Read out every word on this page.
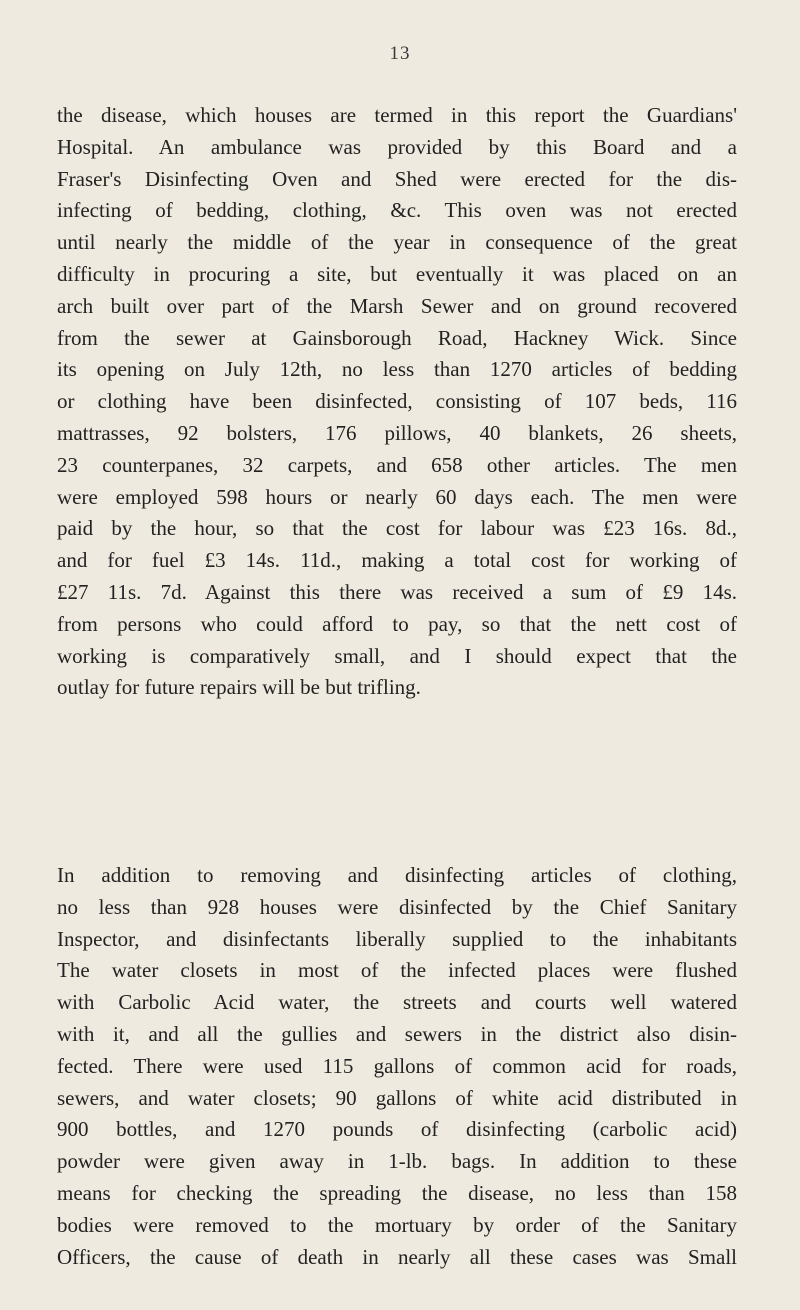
13
the disease, which houses are termed in this report the Guardians'
Hospital. An ambulance was provided by this Board and a
Fraser's Disinfecting Oven and Shed were erected for the dis-
infecting of bedding, clothing, &c. This oven was not erected
until nearly the middle of the year in consequence of the great
difficulty in procuring a site, but eventually it was placed on an
arch built over part of the Marsh Sewer and on ground recovered
from the sewer at Gainsborough Road, Hackney Wick. Since
its opening on July 12th, no less than 1270 articles of bedding
or clothing have been disinfected, consisting of 107 beds, 116
mattrasses, 92 bolsters, 176 pillows, 40 blankets, 26 sheets,
23 counterpanes, 32 carpets, and 658 other articles. The men
were employed 598 hours or nearly 60 days each. The men were
paid by the hour, so that the cost for labour was £23 16s. 8d.,
and for fuel £3 14s. 11d., making a total cost for working of
£27 11s. 7d. Against this there was received a sum of £9 14s.
from persons who could afford to pay, so that the nett cost of
working is comparatively small, and I should expect that the
outlay for future repairs will be but trifling.
In addition to removing and disinfecting articles of clothing,
no less than 928 houses were disinfected by the Chief Sanitary
Inspector, and disinfectants liberally supplied to the inhabitants
The water closets in most of the infected places were flushed
with Carbolic Acid water, the streets and courts well watered
with it, and all the gullies and sewers in the district also disin-
fected. There were used 115 gallons of common acid for roads,
sewers, and water closets; 90 gallons of white acid distributed in
900 bottles, and 1270 pounds of disinfecting (carbolic acid)
powder were given away in 1-lb. bags. In addition to these
means for checking the spreading the disease, no less than 158
bodies were removed to the mortuary by order of the Sanitary
Officers, the cause of death in nearly all these cases was Small
